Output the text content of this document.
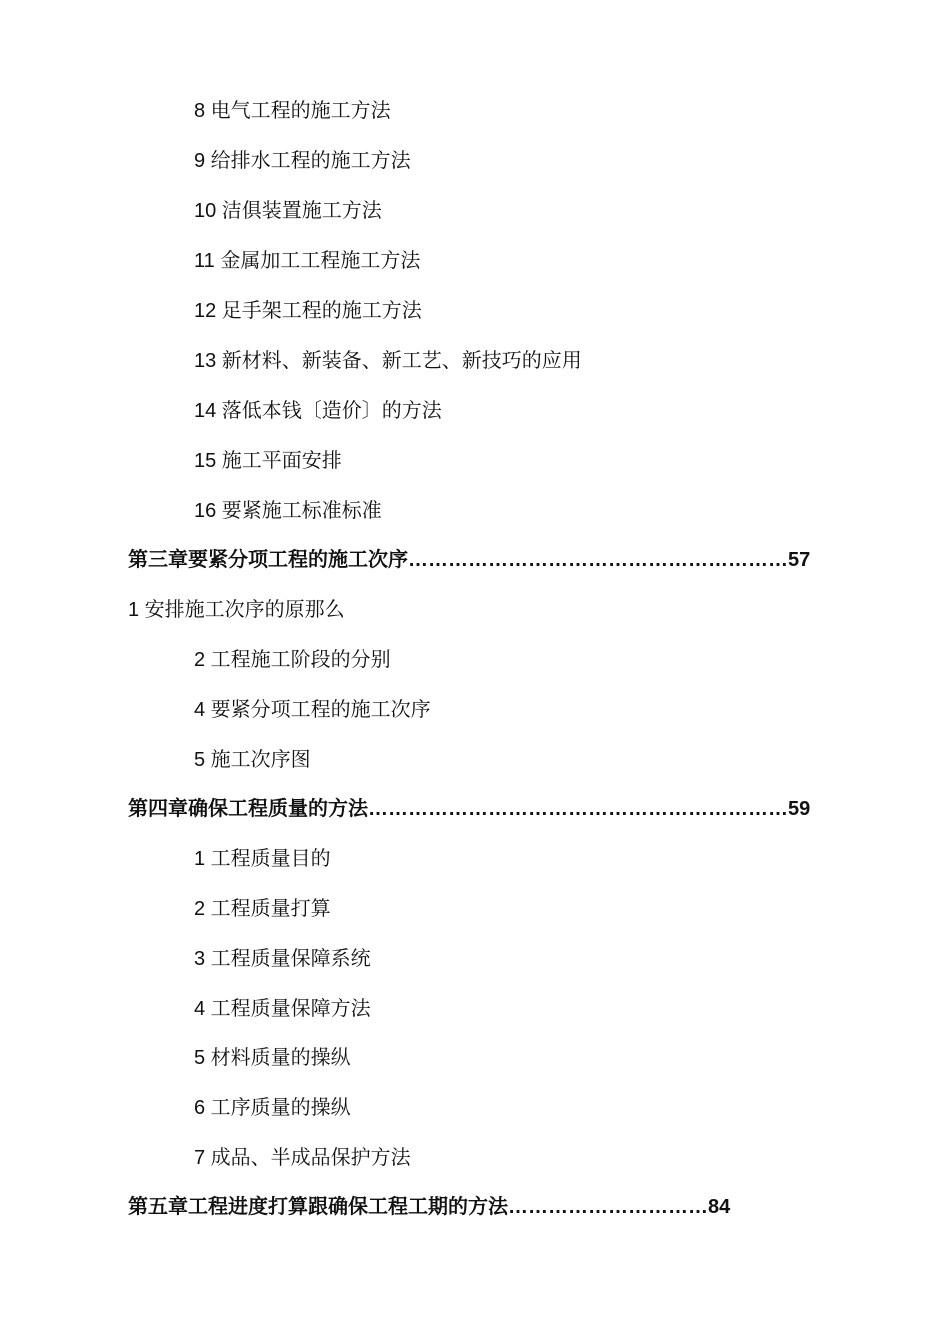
8 电气工程的施工方法
9 给排水工程的施工方法
10 洁俱装置施工方法
11 金属加工工程施工方法
12 足手架工程的施工方法
13 新材料、新装备、新工艺、新技巧的应用
14 落低本钱〔造价〕的方法
15 施工平面安排
16 要紧施工标准标准
第三章要紧分项工程的施工次序…………………………………………………57
1 安排施工次序的原那么
2 工程施工阶段的分别
4 要紧分项工程的施工次序
5 施工次序图
第四章确保工程质量的方法………………………………………………………59
1 工程质量目的
2 工程质量打算
3 工程质量保障系统
4 工程质量保障方法
5 材料质量的操纵
6 工序质量的操纵
7 成品、半成品保护方法
第五章工程进度打算跟确保工程工期的方法…………………………84
